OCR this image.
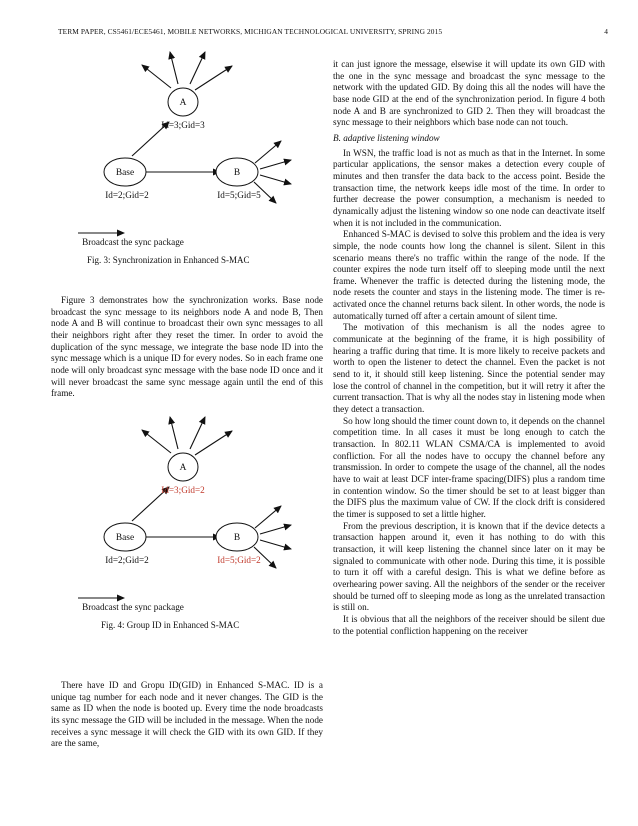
TERM PAPER, CS5461/ECE5461, MOBILE NETWORKS, MICHIGAN TECHNOLOGICAL UNIVERSITY, SPRING 2015	4
A
Base	B
Id=3;Gid=3
Id=2;Gid=2	Id=5;Gid=5
Broadcast the sync package
Fig. 3: Synchronization in Enhanced S-MAC

Figure 3 demonstrates how the synchronization works. Base node broadcast the sync message to its neighbors node A and node B, Then node A and B will continue to broadcast their own sync messages to all their neighbors right after they reset the timer. In order to avoid the duplication of the sync message, we integrate the base node ID into the sync message which is a unique ID for every nodes. So in each frame one node will only broadcast sync message with the base node ID once and it will never broadcast the same sync message again until the end of this frame.

A
Base	B
Id=3;Gid=2
Id=2;Gid=2	Id=5;Gid=2
Broadcast the sync package
Fig. 4: Group ID in Enhanced S-MAC

There have ID and Gropu ID(GID) in Enhanced S-MAC. ID is a unique tag number for each node and it never changes. The GID is the same as ID when the node is booted up. Every time the node broadcasts its sync message the GID will be included in the message. When the node receives a sync message it will check the GID with its own GID. If they are the same,

it can just ignore the message, elsewise it will update its own GID with the one in the sync message and broadcast the sync message to the network with the updated GID. By doing this all the nodes will have the base node GID at the end of the synchronization period. In figure 4 both node A and B are synchronized to GID 2. Then they will broadcast the sync message to their neighbors which base node can not touch.

B. adaptive listening window

In WSN, the traffic load is not as much as that in the Internet. In some particular applications, the sensor makes a detection every couple of minutes and then transfer the data back to the access point. Beside the transaction time, the network keeps idle most of the time. In order to further decrease the power consumption, a mechanism is needed to dynamically adjust the listening window so one node can deactivate itself when it is not included in the communication.

Enhanced S-MAC is devised to solve this problem and the idea is very simple, the node counts how long the channel is silent. Silent in this scenario means there's no traffic within the range of the node. If the counter expires the node turn itself off to sleeping mode until the next frame. Whenever the traffic is detected during the listening mode, the node resets the counter and stays in the listening mode. The timer is re-activated once the channel returns back silent. In other words, the node is automatically turned off after a certain amount of silent time.

The motivation of this mechanism is all the nodes agree to communicate at the beginning of the frame, it is high possibility of hearing a traffic during that time. It is more likely to receive packets and worth to open the listener to detect the channel. Even the packet is not send to it, it should still keep listening. Since the potential sender may lose the control of channel in the competition, but it will retry it after the current transaction. That is why all the nodes stay in listening mode when they detect a transaction.

So how long should the timer count down to, it depends on the channel competition time. In all cases it must be long enough to catch the transaction. In 802.11 WLAN CSMA/CA is implemented to avoid confliction. For all the nodes have to occupy the channel before any transmission. In order to compete the usage of the channel, all the nodes have to wait at least DCF inter-frame spacing(DIFS) plus a random time in contention window. So the timer should be set to at least bigger than the DIFS plus the maximum value of CW. If the clock drift is considered the timer is supposed to set a little higher.

From the previous description, it is known that if the device detects a transaction happen around it, even it has nothing to do with this transaction, it will keep listening the channel since later on it may be signaled to communicate with other node. During this time, it is possible to turn it off with a careful design. This is what we define before as overhearing power saving. All the neighbors of the sender or the receiver should be turned off to sleeping mode as long as the unrelated transaction is still on.

It is obvious that all the neighbors of the receiver should be silent due to the potential confliction happening on the receiver
